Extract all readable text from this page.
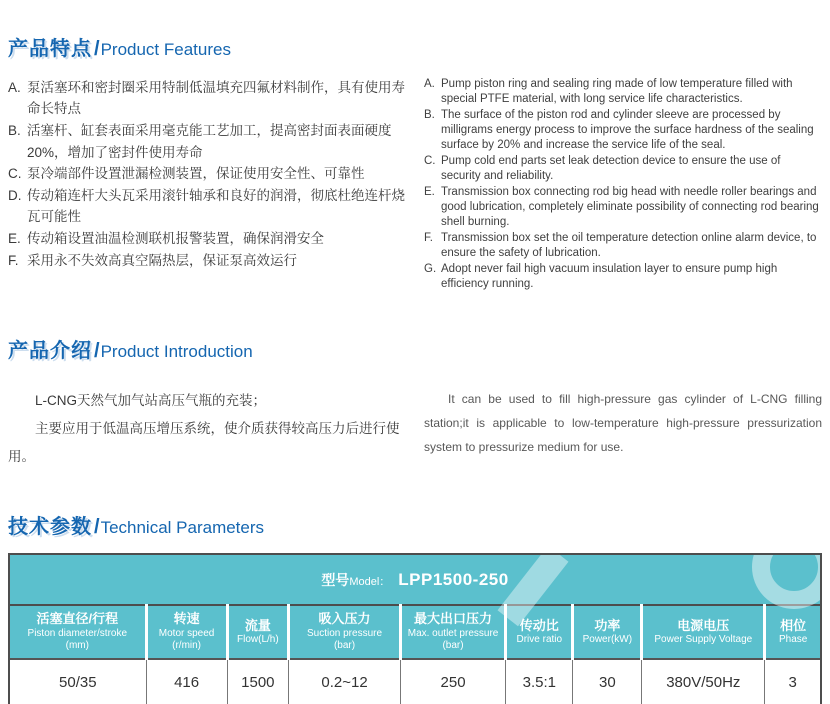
产品特点 /Product Features
A. 泵活塞环和密封圈采用特制低温填充四氟材料制作，具有使用寿命长特点
B. 活塞杆、缸套表面采用毫克能工艺加工，提高密封面表面硬度20%，增加了密封件使用寿命
C. 泵冷端部件设置泄漏检测装置，保证使用安全性、可靠性
D. 传动箱连杆大头瓦采用滚针轴承和良好的润滑，彻底杜绝连杆烧瓦可能性
E. 传动箱设置油温检测联机报警装置，确保润滑安全
F. 采用永不失效高真空隔热层，保证泵高效运行
A. Pump piston ring and sealing ring made of low temperature filled with special PTFE material, with long service life characteristics.
B. The surface of the piston rod and cylinder sleeve are processed by milligrams energy process to improve the surface hardness of the sealing surface by 20% and increase the service life of the seal.
C. Pump cold end parts set leak detection device to ensure the use of security and reliability.
E. Transmission box connecting rod big head with needle roller bearings and good lubrication, completely eliminate possibility of connecting rod bearing shell burning.
F. Transmission box set the oil temperature detection online alarm device, to ensure the safety of lubrication.
G. Adopt never fail high vacuum insulation layer to ensure pump high efficiency running.
产品介绍 /Product Introduction

L-CNG天然气加气站高压气瓶的充装；

主要应用于低温高压增压系统，使介质获得较高压力后进行使用。

It can be used to fill high-pressure gas cylinder of L-CNG filling station;it is applicable to low-temperature high-pressure pressurization system to pressurize medium for use.

技术参数 /Technical Parameters
型号Model： LPP1500-250								

活塞直径/行程
Piston diameter/stroke
(mm)	转速
Motor speed
(r/min)	流量
Flow(L/h)	吸入压力
Suction pressure
(bar)	最大出口压力
Max. outlet pressure
(bar)	传动比
Drive ratio	功率
Power(kW)	电源电压
Power Supply Voltage	相位
Phase

50/35	416	1500	0.2~12	250	3.5:1	30	380V/50Hz	3
